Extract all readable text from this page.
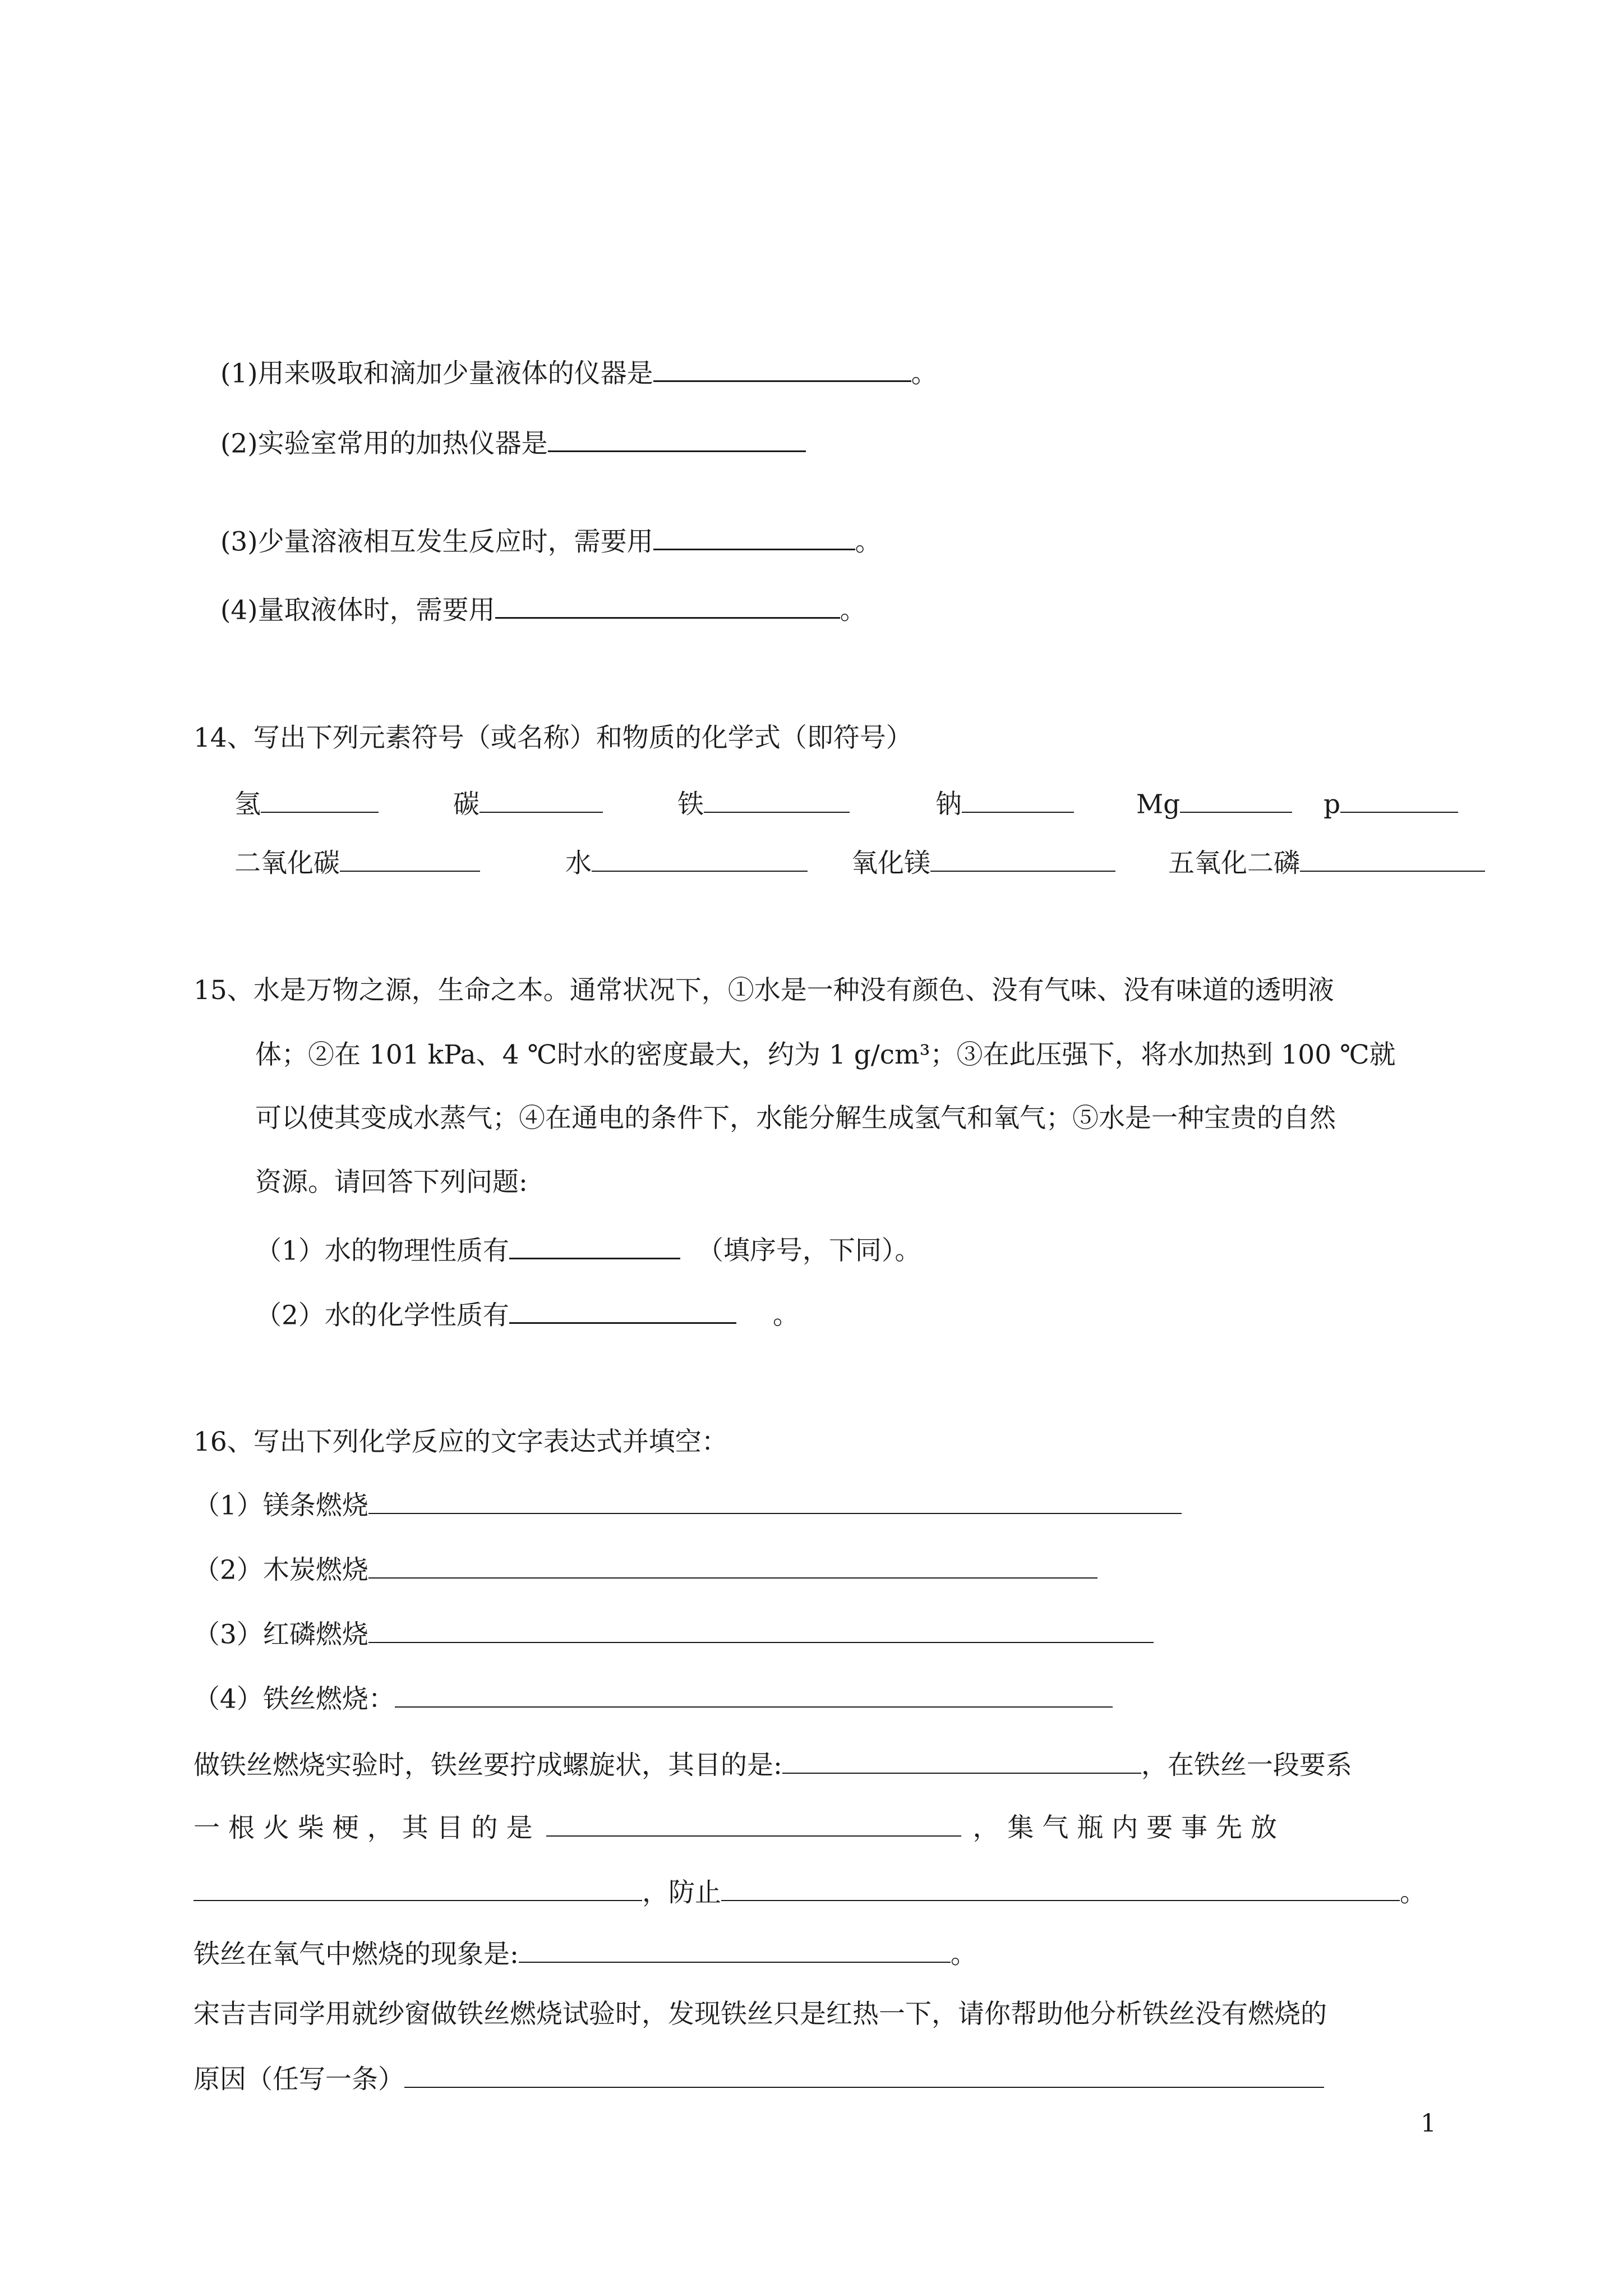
(1)用来吸取和滴加少量液体的仪器是	。
(2)实验室常用的加热仪器是
(3)少量溶液相互发生反应时，需要用	。
(4)量取液体时，需要用	。
14、写出下列元素符号（或名称）和物质的化学式（即符号）
氢	碳	铁	钠	Mg	p
二氧化碳	水	氧化镁	五氧化二磷
15、水是万物之源，生命之本。通常状况下，①水是一种没有颜色、没有气味、没有味道的透明液
体；②在 101 kPa、4 ℃时水的密度最大，约为 1 g/cm³；③在此压强下，将水加热到 100 ℃就
可以使其变成水蒸气；④在通电的条件下，水能分解生成氢气和氧气；⑤水是一种宝贵的自然
资源。请回答下列问题:
（1）水的物理性质有	（填序号，下同）。
（2）水的化学性质有	。
16、写出下列化学反应的文字表达式并填空：
（1）镁条燃烧
（2）木炭燃烧
（3）红磷燃烧
（4）铁丝燃烧：
做铁丝燃烧实验时，铁丝要拧成螺旋状，其目的是:	，在铁丝一段要系
一 根 火 柴 梗 ， 其 目 的 是	， 集 气 瓶 内 要 事 先 放
，防止	。
铁丝在氧气中燃烧的现象是:	。
宋吉吉同学用就纱窗做铁丝燃烧试验时，发现铁丝只是红热一下，请你帮助他分析铁丝没有燃烧的
原因（任写一条）
1
